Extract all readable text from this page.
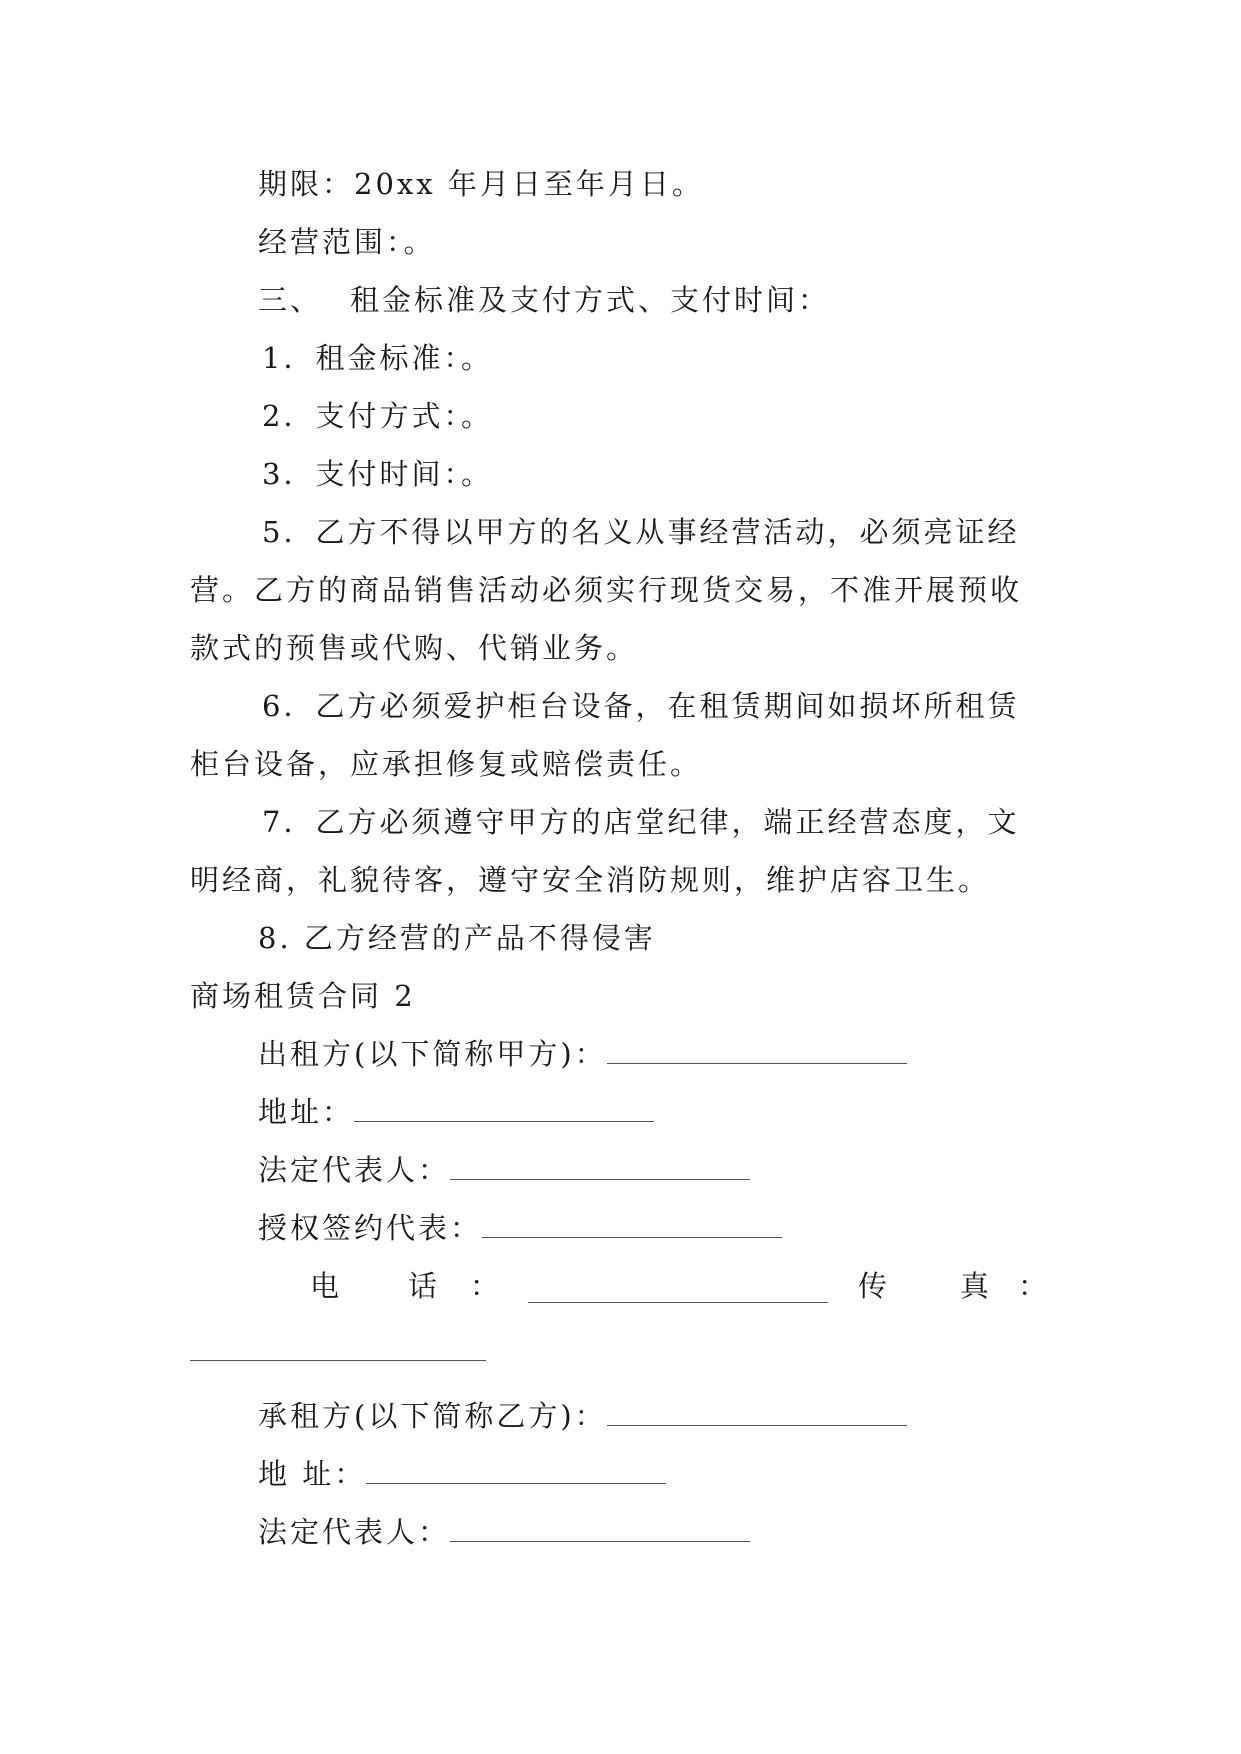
期限：20xx 年月日至年月日。
经营范围：。
三、 租金标准及支付方式、支付时间：
1．租金标准：。
2．支付方式：。
3．支付时间：。
5．乙方不得以甲方的名义从事经营活动，必须亮证经
营。乙方的商品销售活动必须实行现货交易，不准开展预收
款式的预售或代购、代销业务。
6．乙方必须爱护柜台设备，在租赁期间如损坏所租赁
柜台设备，应承担修复或赔偿责任。
7．乙方必须遵守甲方的店堂纪律，端正经营态度，文
明经商，礼貌待客，遵守安全消防规则，维护店容卫生。
8. 乙方经营的产品不得侵害
商场租赁合同 2
出租方(以下简称甲方)：
地址：
法定代表人：
授权签约代表：
电 话 ：	传	真 ：
承租方(以下简称乙方)：
地 址：
法定代表人：
